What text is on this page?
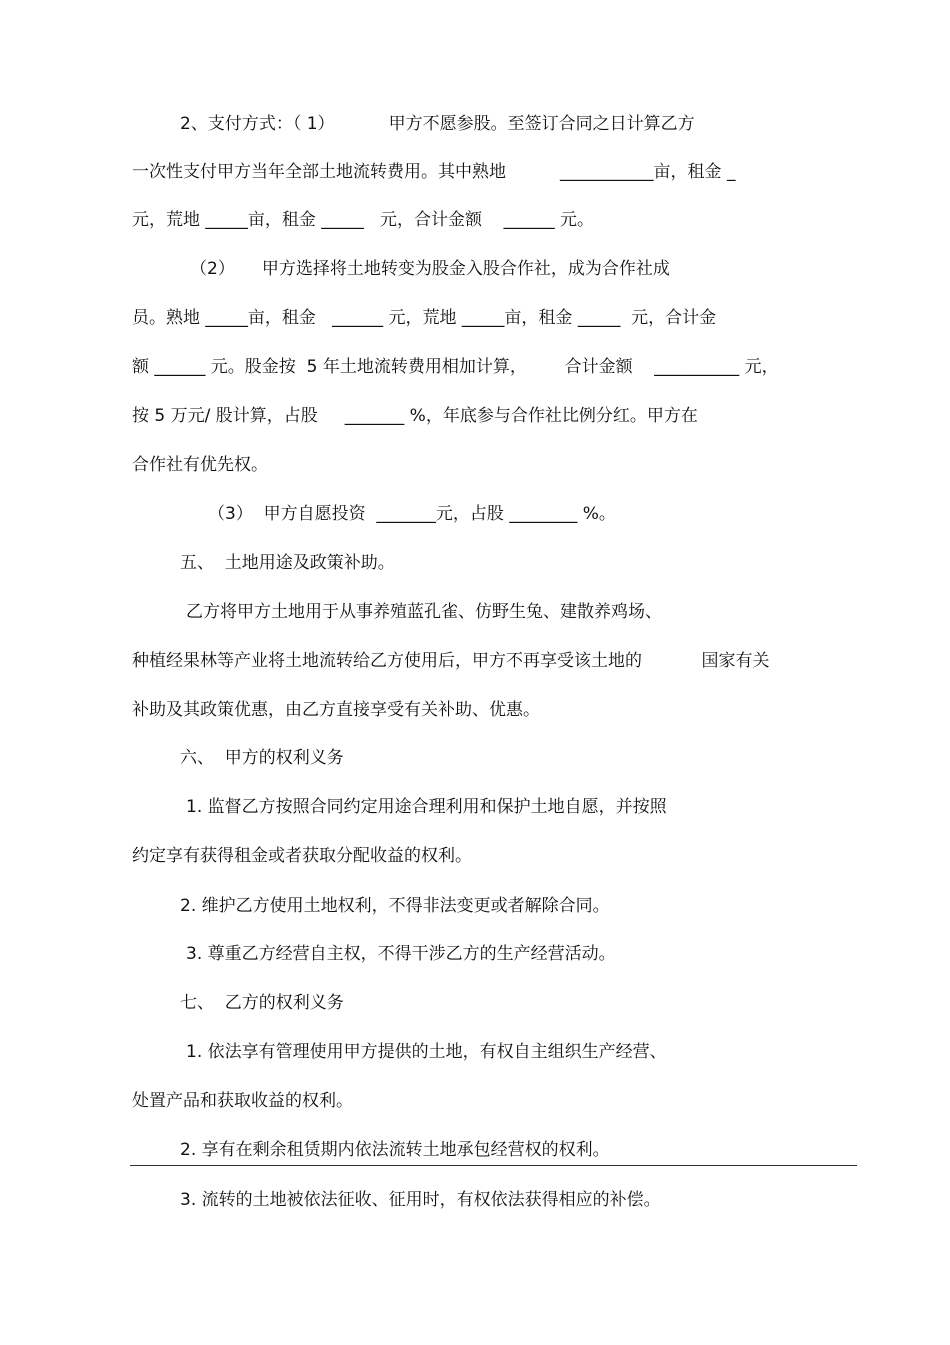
2、支付方式：（ 1）          甲方不愿参股。至签订合同之日计算乙方
一次性支付甲方当年全部土地流转费用。其中熟地          ___________亩，租金 _
元，荒地 _____亩，租金 _____   元，合计金额    ______ 元。
（2）     甲方选择将土地转变为股金入股合作社，成为合作社成
员。熟地 _____亩，租金   ______ 元，荒地 _____亩，租金 _____  元，合计金
额 ______ 元。股金按  5 年土地流转费用相加计算，       合计金额    __________ 元，
按 5 万元/ 股计算，占股     _______ %，年底参与合作社比例分红。甲方在
合作社有优先权。
（3）  甲方自愿投资  _______元，占股 ________ %。
五、  土地用途及政策补助。
乙方将甲方土地用于从事养殖蓝孔雀、仿野生兔、建散养鸡场、
种植经果林等产业将土地流转给乙方使用后，甲方不再享受该土地的           国家有关
补助及其政策优惠，由乙方直接享受有关补助、优惠。
六、  甲方的权利义务
1. 监督乙方按照合同约定用途合理利用和保护土地自愿，并按照
约定享有获得租金或者获取分配收益的权利。
2. 维护乙方使用土地权利，不得非法变更或者解除合同。
3. 尊重乙方经营自主权，不得干涉乙方的生产经营活动。
七、  乙方的权利义务
1. 依法享有管理使用甲方提供的土地，有权自主组织生产经营、
处置产品和获取收益的权利。
2. 享有在剩余租赁期内依法流转土地承包经营权的权利。
3. 流转的土地被依法征收、征用时，有权依法获得相应的补偿。
